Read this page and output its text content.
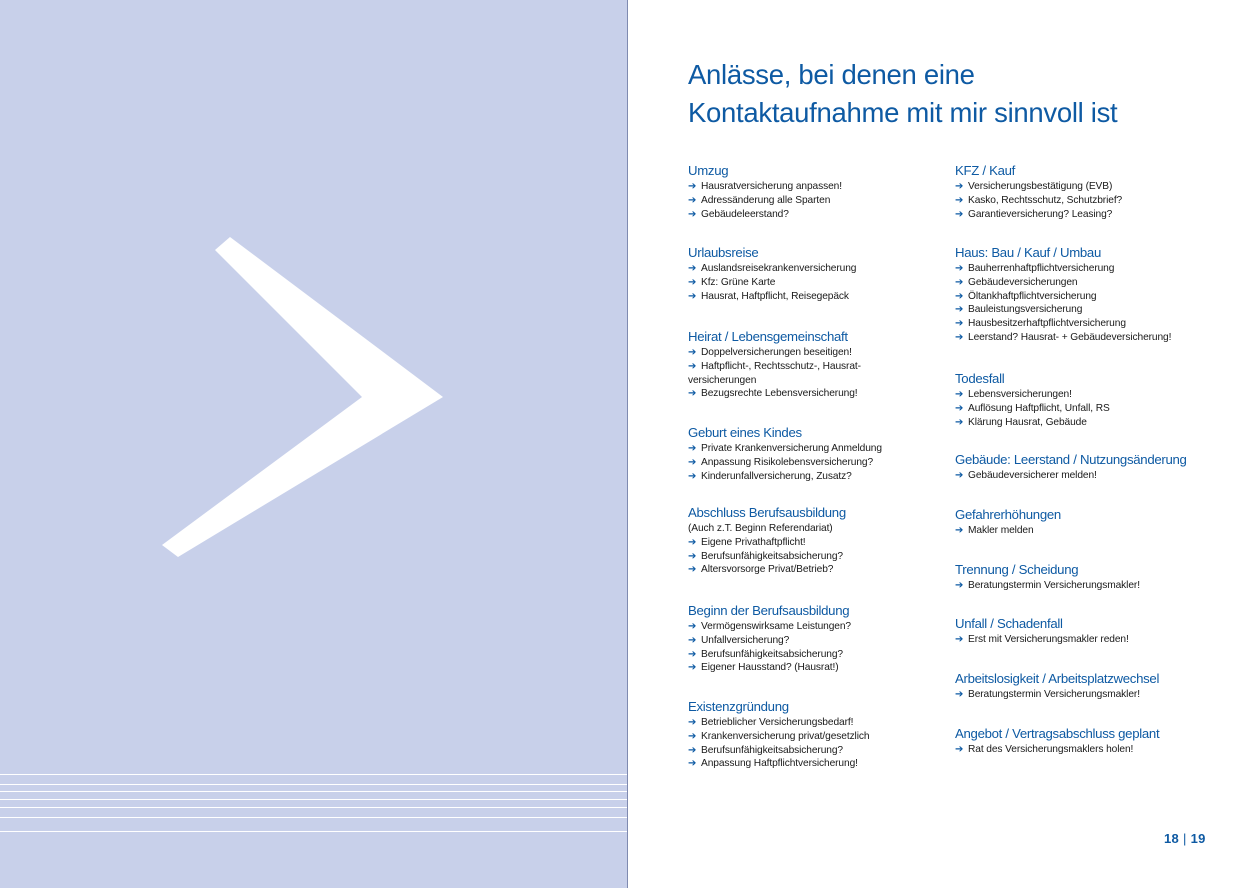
Anlässe, bei denen eine
Kontaktaufnahme mit mir sinnvoll ist
Umzug
➔ Hausratversicherung anpassen!
➔ Adressänderung alle Sparten
➔ Gebäudeleerstand?
Urlaubsreise
➔ Auslandsreisekrankenversicherung
➔ Kfz: Grüne Karte
➔ Hausrat, Haftpflicht, Reisegepäck
Heirat / Lebensgemeinschaft
➔ Doppelversicherungen beseitigen!
➔ Haftpflicht-, Rechtsschutz-, Hausrat-
versicherungen
➔ Bezugsrechte Lebensversicherung!
Geburt eines Kindes
➔ Private Krankenversicherung Anmeldung
➔ Anpassung Risikolebensversicherung?
➔ Kinderunfallversicherung, Zusatz?
Abschluss Berufsausbildung
(Auch z.T. Beginn Referendariat)
➔ Eigene Privathaftpflicht!
➔ Berufsunfähigkeitsabsicherung?
➔ Altersvorsorge Privat/Betrieb?
Beginn der Berufsausbildung
➔ Vermögenswirksame Leistungen?
➔ Unfallversicherung?
➔ Berufsunfähigkeitsabsicherung?
➔ Eigener Hausstand? (Hausrat!)
Existenzgründung
➔ Betrieblicher Versicherungsbedarf!
➔ Krankenversicherung privat/gesetzlich
➔ Berufsunfähigkeitsabsicherung?
➔ Anpassung Haftpflichtversicherung!
KFZ / Kauf
➔ Versicherungsbestätigung (EVB)
➔ Kasko, Rechtsschutz, Schutzbrief?
➔ Garantieversicherung? Leasing?
Haus: Bau / Kauf / Umbau
➔ Bauherrenhaftpflichtversicherung
➔ Gebäudeversicherungen
➔ Öltankhaftpflichtversicherung
➔ Bauleistungsversicherung
➔ Hausbesitzerhaftpflichtversicherung
➔ Leerstand? Hausrat- + Gebäudeversicherung!
Todesfall
➔ Lebensversicherungen!
➔ Auflösung Haftpflicht, Unfall, RS
➔ Klärung Hausrat, Gebäude
Gebäude: Leerstand / Nutzungsänderung
➔ Gebäudeversicherer melden!
Gefahrerhöhungen
➔ Makler melden
Trennung / Scheidung
➔ Beratungstermin Versicherungsmakler!
Unfall / Schadenfall
➔ Erst mit Versicherungsmakler reden!
Arbeitslosigkeit / Arbeitsplatzwechsel
➔ Beratungstermin Versicherungsmakler!
Angebot / Vertragsabschluss geplant
➔ Rat des Versicherungsmaklers holen!
18 | 19
